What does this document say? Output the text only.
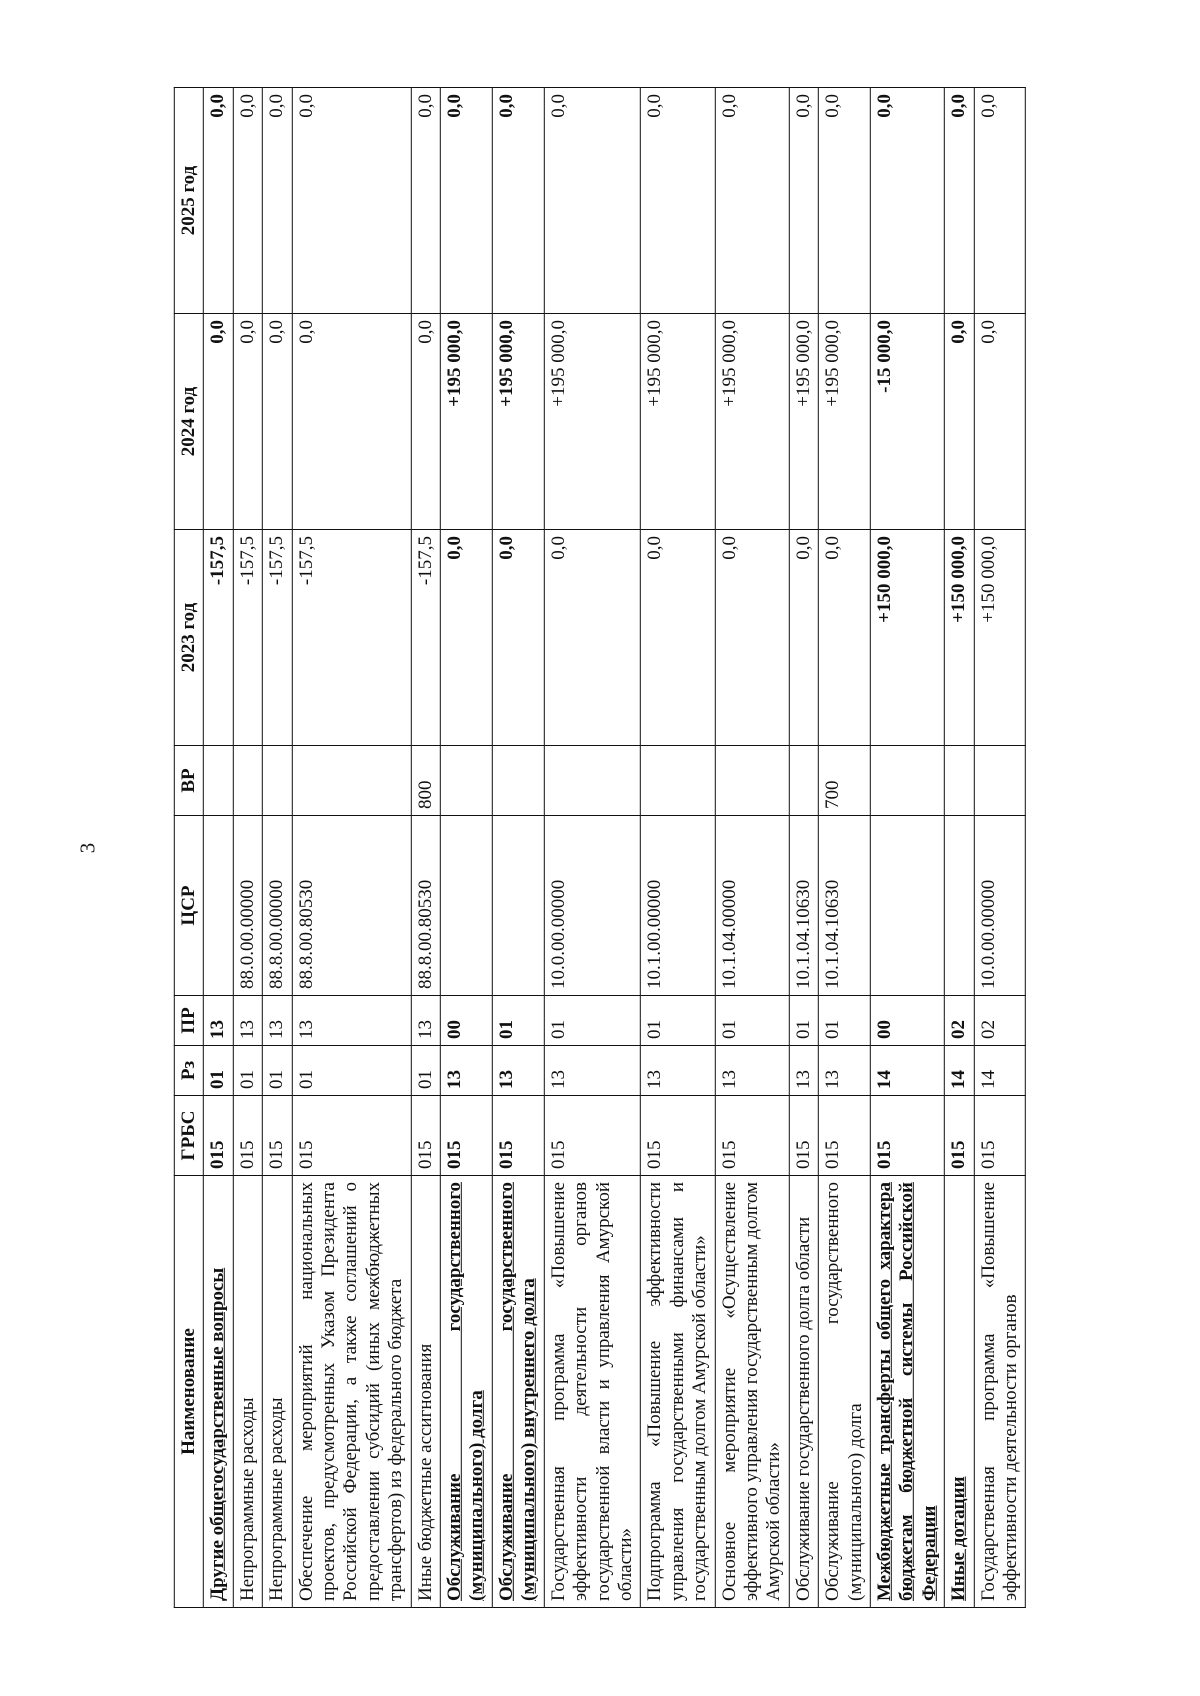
3
Наименование	ГРБС	Рз	ПР	ЦСР	ВР	2023 год	2024 год	2025 год
Другие общегосударственные вопросы	015	01	13			-157,5	0,0	0,0
Непрограммные расходы	015	01	13	88.0.00.00000		-157,5	0,0	0,0
Непрограммные расходы	015	01	13	88.8.00.00000		-157,5	0,0	0,0
Обеспечение мероприятий национальных проектов, предусмотренных Указом Президента Российской Федерации, а также соглашений о предоставлении субсидий (иных межбюджетных трансфертов) из федерального бюджета	015	01	13	88.8.00.80530		-157,5	0,0	0,0
Иные бюджетные ассигнования	015	01	13	88.8.00.80530	800	-157,5	0,0	0,0
Обслуживание государственного (муниципального) долга	015	13	00			0,0	+195 000,0	0,0
Обслуживание государственного (муниципального) внутреннего долга	015	13	01			0,0	+195 000,0	0,0
Государственная программа «Повышение эффективности деятельности органов государственной власти и управления Амурской области»	015	13	01	10.0.00.00000		0,0	+195 000,0	0,0
Подпрограмма «Повышение эффективности управления государственными финансами и государственным долгом Амурской области»	015	13	01	10.1.00.00000		0,0	+195 000,0	0,0
Основное мероприятие «Осуществление эффективного управления государственным долгом Амурской области»	015	13	01	10.1.04.00000		0,0	+195 000,0	0,0
Обслуживание государственного долга области	015	13	01	10.1.04.10630		0,0	+195 000,0	0,0
Обслуживание государственного (муниципального) долга	015	13	01	10.1.04.10630	700	0,0	+195 000,0	0,0
Межбюджетные трансферты общего характера бюджетам бюджетной системы Российской Федерации	015	14	00			+150 000,0	-15 000,0	0,0
Иные дотации	015	14	02			+150 000,0	0,0	0,0
Государственная программа «Повышение эффективности деятельности органов	015	14	02	10.0.00.00000		+150 000,0	0,0	0,0
